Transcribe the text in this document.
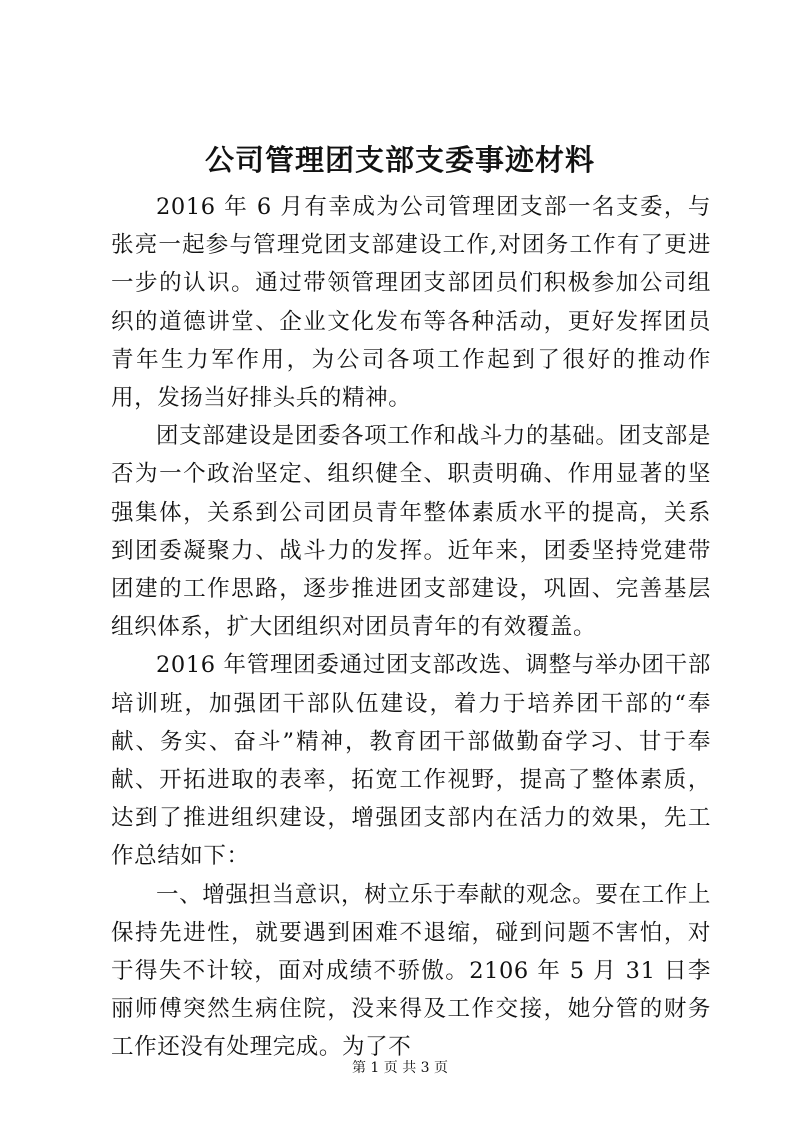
公司管理团支部支委事迹材料

2016 年 6 月有幸成为公司管理团支部一名支委，与张亮一起参与管理党团支部建设工作,对团务工作有了更进一步的认识。通过带领管理团支部团员们积极参加公司组织的道德讲堂、企业文化发布等各种活动，更好发挥团员青年生力军作用，为公司各项工作起到了很好的推动作用，发扬当好排头兵的精神。

团支部建设是团委各项工作和战斗力的基础。团支部是否为一个政治坚定、组织健全、职责明确、作用显著的坚强集体，关系到公司团员青年整体素质水平的提高，关系到团委凝聚力、战斗力的发挥。近年来，团委坚持党建带团建的工作思路，逐步推进团支部建设，巩固、完善基层组织体系，扩大团组织对团员青年的有效覆盖。

2016 年管理团委通过团支部改选、调整与举办团干部培训班，加强团干部队伍建设，着力于培养团干部的“奉献、务实、奋斗”精神，教育团干部做勤奋学习、甘于奉献、开拓进取的表率，拓宽工作视野，提高了整体素质，达到了推进组织建设，增强团支部内在活力的效果，先工作总结如下：

一、增强担当意识，树立乐于奉献的观念。要在工作上保持先进性，就要遇到困难不退缩，碰到问题不害怕，对于得失不计较，面对成绩不骄傲。2106 年 5 月 31 日李丽师傅突然生病住院，没来得及工作交接，她分管的财务工作还没有处理完成。为了不

第 1 页 共 3 页
